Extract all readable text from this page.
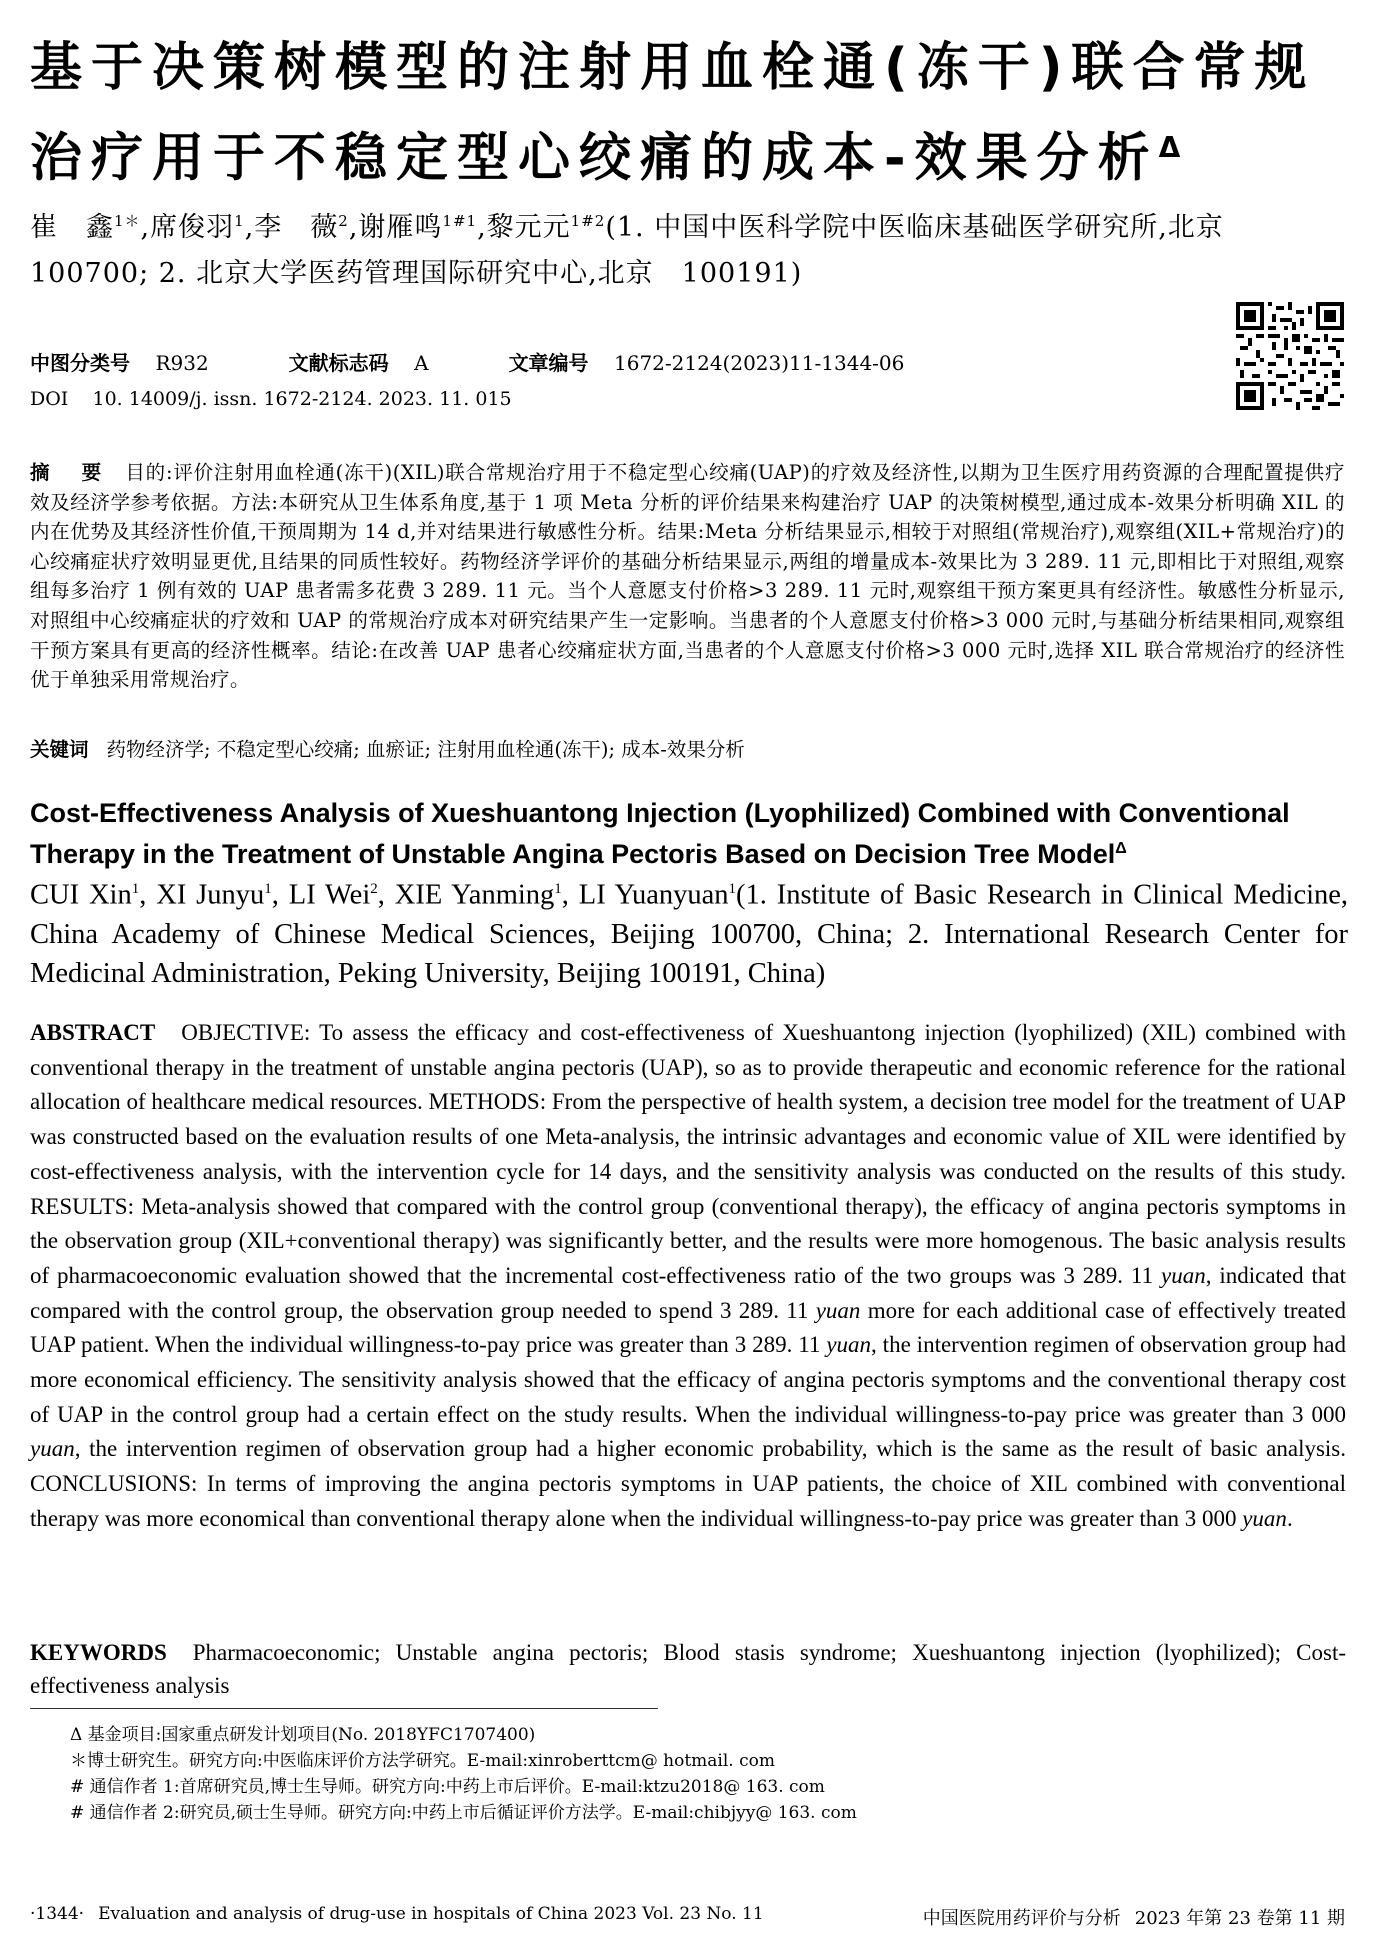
基于决策树模型的注射用血栓通(冻干)联合常规治疗用于不稳定型心绞痛的成本-效果分析$^\Delta$
崔　鑫$^{1*}$,席俊羽$^1$,李　薇$^2$,谢雁鸣$^{1\#1}$,黎元元$^{1\#2}$(1. 中国中医科学院中医临床基础医学研究所,北京 100700; 2. 北京大学医药管理国际研究中心,北京　100191)
中图分类号 R932	文献标志码 A	文章编号 1672-2124(2023)11-1344-06
DOI 10. 14009/j. issn. 1672-2124. 2023. 11. 015
摘　要 目的:评价注射用血栓通(冻干)(XIL)联合常规治疗用于不稳定型心绞痛(UAP)的疗效及经济性,以期为卫生医疗用药资源的合理配置提供疗效及经济学参考依据。方法:本研究从卫生体系角度,基于 1 项 Meta 分析的评价结果来构建治疗 UAP 的决策树模型,通过成本-效果分析明确 XIL 的内在优势及其经济性价值,干预周期为 14 d,并对结果进行敏感性分析。结果:Meta 分析结果显示,相较于对照组(常规治疗),观察组(XIL+常规治疗)的心绞痛症状疗效明显更优,且结果的同质性较好。药物经济学评价的基础分析结果显示,两组的增量成本-效果比为 3 289. 11 元,即相比于对照组,观察组每多治疗 1 例有效的 UAP 患者需多花费 3 289. 11 元。当个人意愿支付价格>3 289. 11 元时,观察组干预方案更具有经济性。敏感性分析显示,对照组中心绞痛症状的疗效和 UAP 的常规治疗成本对研究结果产生一定影响。当患者的个人意愿支付价格>3 000 元时,与基础分析结果相同,观察组干预方案具有更高的经济性概率。结论:在改善 UAP 患者心绞痛症状方面,当患者的个人意愿支付价格>3 000 元时,选择 XIL 联合常规治疗的经济性优于单独采用常规治疗。
关键词 药物经济学; 不稳定型心绞痛; 血瘀证; 注射用血栓通(冻干); 成本-效果分析
Cost-Effectiveness Analysis of Xueshuantong Injection (Lyophilized) Combined with Conventional Therapy in the Treatment of Unstable Angina Pectoris Based on Decision Tree Model$^\Delta$
CUI Xin$^1$, XI Junyu$^1$, LI Wei$^2$, XIE Yanming$^1$, LI Yuanyuan$^1$(1. Institute of Basic Research in Clinical Medicine, China Academy of Chinese Medical Sciences, Beijing 100700, China; 2. International Research Center for Medicinal Administration, Peking University, Beijing 100191, China)
ABSTRACT OBJECTIVE: To assess the efficacy and cost-effectiveness of Xueshuantong injection (lyophilized) (XIL) combined with conventional therapy in the treatment of unstable angina pectoris (UAP), so as to provide therapeutic and economic reference for the rational allocation of healthcare medical resources. METHODS: From the perspective of health system, a decision tree model for the treatment of UAP was constructed based on the evaluation results of one Meta-analysis, the intrinsic advantages and economic value of XIL were identified by cost-effectiveness analysis, with the intervention cycle for 14 days, and the sensitivity analysis was conducted on the results of this study. RESULTS: Meta-analysis showed that compared with the control group (conventional therapy), the efficacy of angina pectoris symptoms in the observation group (XIL+conventional therapy) was significantly better, and the results were more homogenous. The basic analysis results of pharmacoeconomic evaluation showed that the incremental cost-effectiveness ratio of the two groups was 3 289. 11 yuan, indicated that compared with the control group, the observation group needed to spend 3 289. 11 yuan more for each additional case of effectively treated UAP patient. When the individual willingness-to-pay price was greater than 3 289. 11 yuan, the intervention regimen of observation group had more economical efficiency. The sensitivity analysis showed that the efficacy of angina pectoris symptoms and the conventional therapy cost of UAP in the control group had a certain effect on the study results. When the individual willingness-to-pay price was greater than 3 000 yuan, the intervention regimen of observation group had a higher economic probability, which is the same as the result of basic analysis. CONCLUSIONS: In terms of improving the angina pectoris symptoms in UAP patients, the choice of XIL combined with conventional therapy was more economical than conventional therapy alone when the individual willingness-to-pay price was greater than 3 000 yuan.
KEYWORDS Pharmacoeconomic; Unstable angina pectoris; Blood stasis syndrome; Xueshuantong injection (lyophilized); Cost-effectiveness analysis
Δ 基金项目:国家重点研发计划项目(No. 2018YFC1707400)
＊博士研究生。研究方向:中医临床评价方法学研究。E-mail:xinroberttcm@ hotmail. com
# 通信作者 1:首席研究员,博士生导师。研究方向:中药上市后评价。E-mail:ktzu2018@ 163. com
# 通信作者 2:研究员,硕士生导师。研究方向:中药上市后循证评价方法学。E-mail:chibjyy@ 163. com
·1344· Evaluation and analysis of drug-use in hospitals of China 2023 Vol. 23 No. 11	中国医院用药评价与分析 2023 年第 23 卷第 11 期
